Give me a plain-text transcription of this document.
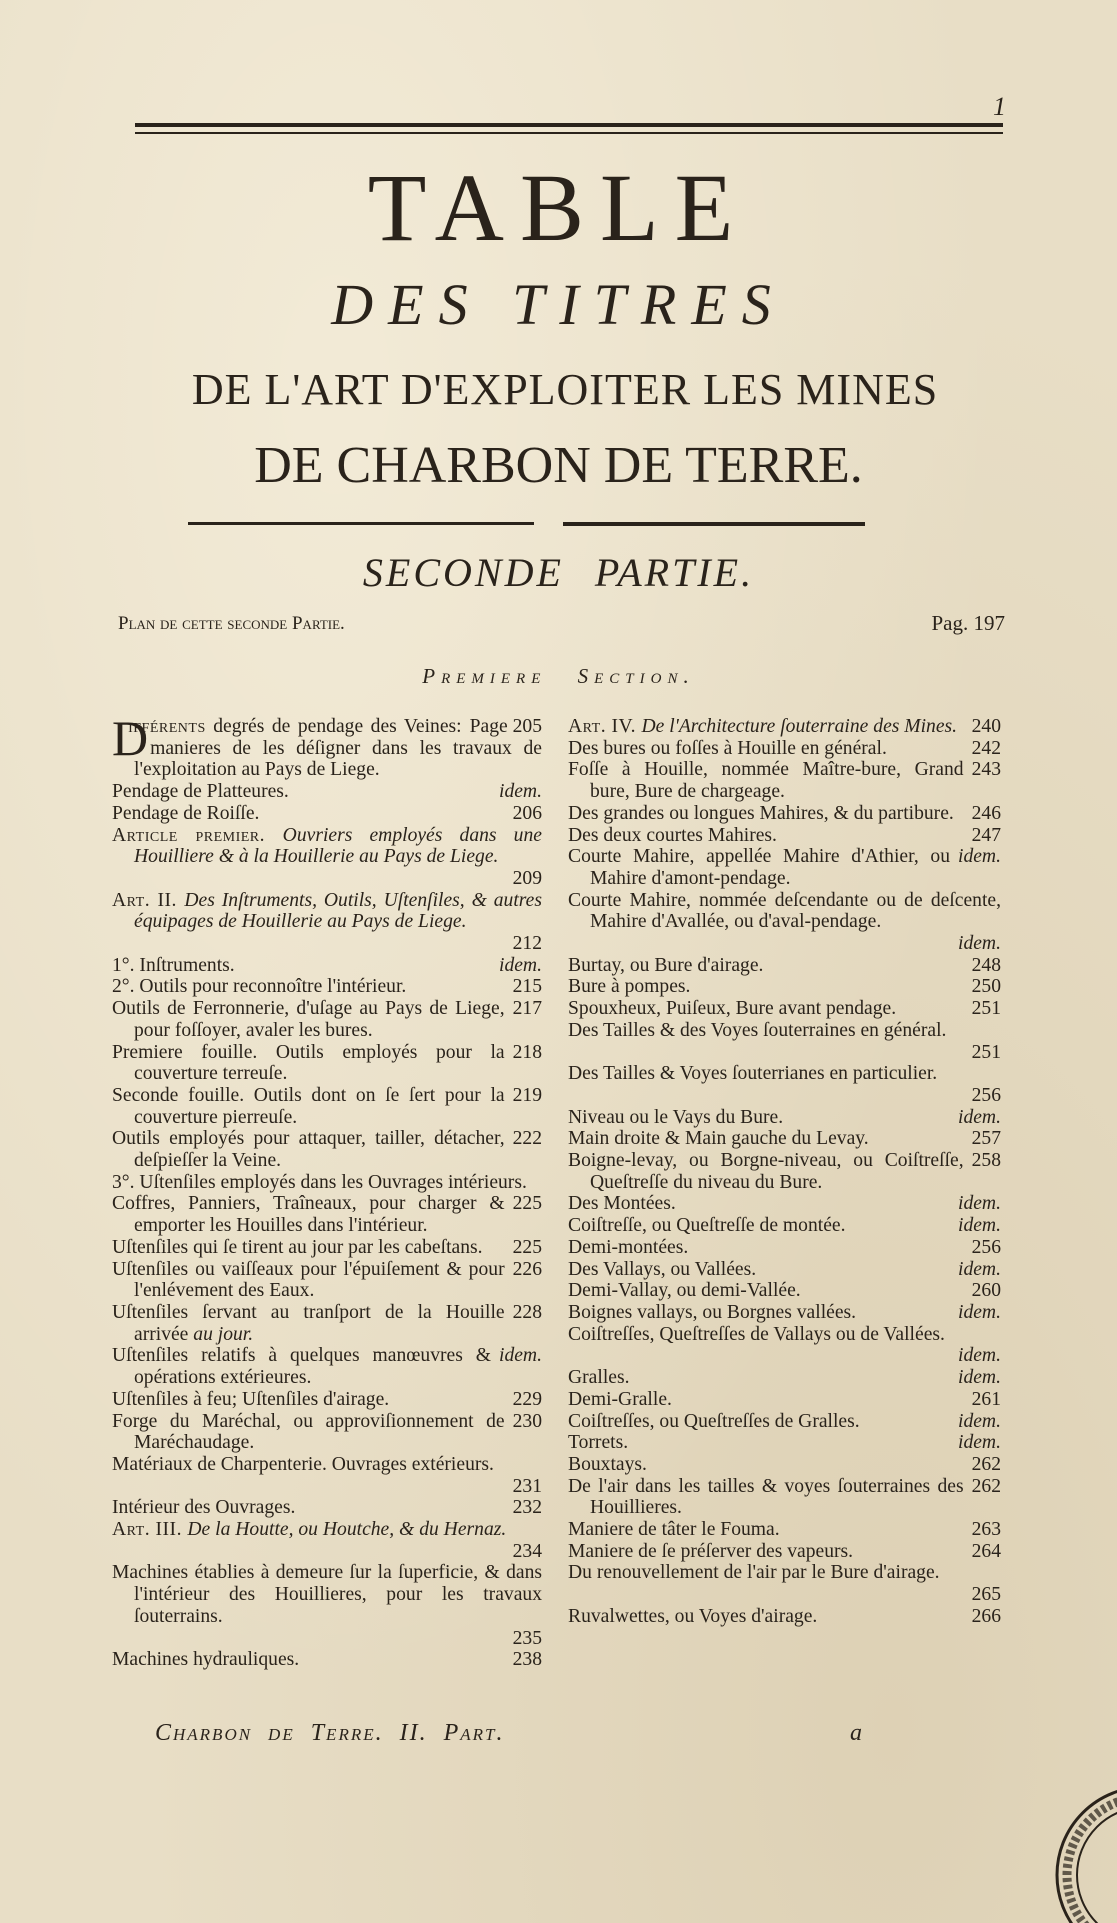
1
TABLE
DES TITRES
DE L'ART D'EXPLOITER LES MINES
DE CHARBON DE TERRE.
SECONDE PARTIE.
Plan de cette seconde Partie.	Pag. 197
Premiere Section.
Page 205
D
ifférents degrés de pendage des Veines: manieres de les déſigner dans les travaux de l'exploitation au Pays de Liege.
idem.
Pendage de Platteures.
206
Pendage de Roiſſe.
Article premier. Ouvriers employés dans une Houilliere & à la Houillerie au Pays de Liege.
209
Art. II. Des Inſtruments, Outils, Uſtenſiles, & autres équipages de Houillerie au Pays de Liege.
212
idem.
1°. Inſtruments.
215
2°. Outils pour reconnoître l'intérieur.
217
Outils de Ferronnerie, d'uſage au Pays de Liege, pour foſſoyer, avaler les bures.
218
Premiere fouille. Outils employés pour la couverture terreuſe.
219
Seconde fouille. Outils dont on ſe ſert pour la couverture pierreuſe.
222
Outils employés pour attaquer, tailler, détacher, deſpieſſer la Veine.
3°. Uſtenſiles employés dans les Ouvrages intérieurs.
225
Coffres, Panniers, Traîneaux, pour charger & emporter les Houilles dans l'intérieur.
225
Uſtenſiles qui ſe tirent au jour par les cabeſtans.
226
Uſtenſiles ou vaiſſeaux pour l'épuiſement & pour l'enlévement des Eaux.
228
Uſtenſiles ſervant au tranſport de la Houille arrivée au jour.
idem.
Uſtenſiles relatifs à quelques manœuvres & opérations extérieures.
229
Uſtenſiles à feu; Uſtenſiles d'airage.
230
Forge du Maréchal, ou approviſionnement de Maréchaudage.
Matériaux de Charpenterie. Ouvrages extérieurs.
231
232
Intérieur des Ouvrages.
Art. III. De la Houtte, ou Houtche, & du Hernaz.
234
Machines établies à demeure ſur la ſuperficie, & dans l'intérieur des Houillieres, pour les travaux ſouterrains.
235
238
Machines hydrauliques.
240
Art. IV. De l'Architecture ſouterraine des Mines.
242
Des bures ou foſſes à Houille en général.
243
Foſſe à Houille, nommée Maître-bure, Grand bure, Bure de chargeage.
246
Des grandes ou longues Mahires, & du partibure.
247
Des deux courtes Mahires.
idem.
Courte Mahire, appellée Mahire d'Athier, ou Mahire d'amont-pendage.
Courte Mahire, nommée deſcendante ou de deſcente, Mahire d'Avallée, ou d'aval-pendage.
idem.
248
Burtay, ou Bure d'airage.
250
Bure à pompes.
251
Spouxheux, Puiſeux, Bure avant pendage.
Des Tailles & des Voyes ſouterraines en général.
251
Des Tailles & Voyes ſouterrianes en particulier.
256
idem.
Niveau ou le Vays du Bure.
257
Main droite & Main gauche du Levay.
258
Boigne-levay, ou Borgne-niveau, ou Coiſtreſſe, Queſtreſſe du niveau du Bure.
idem.
Des Montées.
idem.
Coiſtreſſe, ou Queſtreſſe de montée.
256
Demi-montées.
idem.
Des Vallays, ou Vallées.
260
Demi-Vallay, ou demi-Vallée.
idem.
Boignes vallays, ou Borgnes vallées.
Coiſtreſſes, Queſtreſſes de Vallays ou de Vallées.
idem.
idem.
Gralles.
261
Demi-Gralle.
idem.
Coiſtreſſes, ou Queſtreſſes de Gralles.
idem.
Torrets.
262
Bouxtays.
262
De l'air dans les tailles & voyes ſouterraines des Houillieres.
263
Maniere de tâter le Fouma.
264
Maniere de ſe préſerver des vapeurs.
Du renouvellement de l'air par le Bure d'airage.
265
266
Ruvalwettes, ou Voyes d'airage.
Charbon de Terre. II. Part.	a
